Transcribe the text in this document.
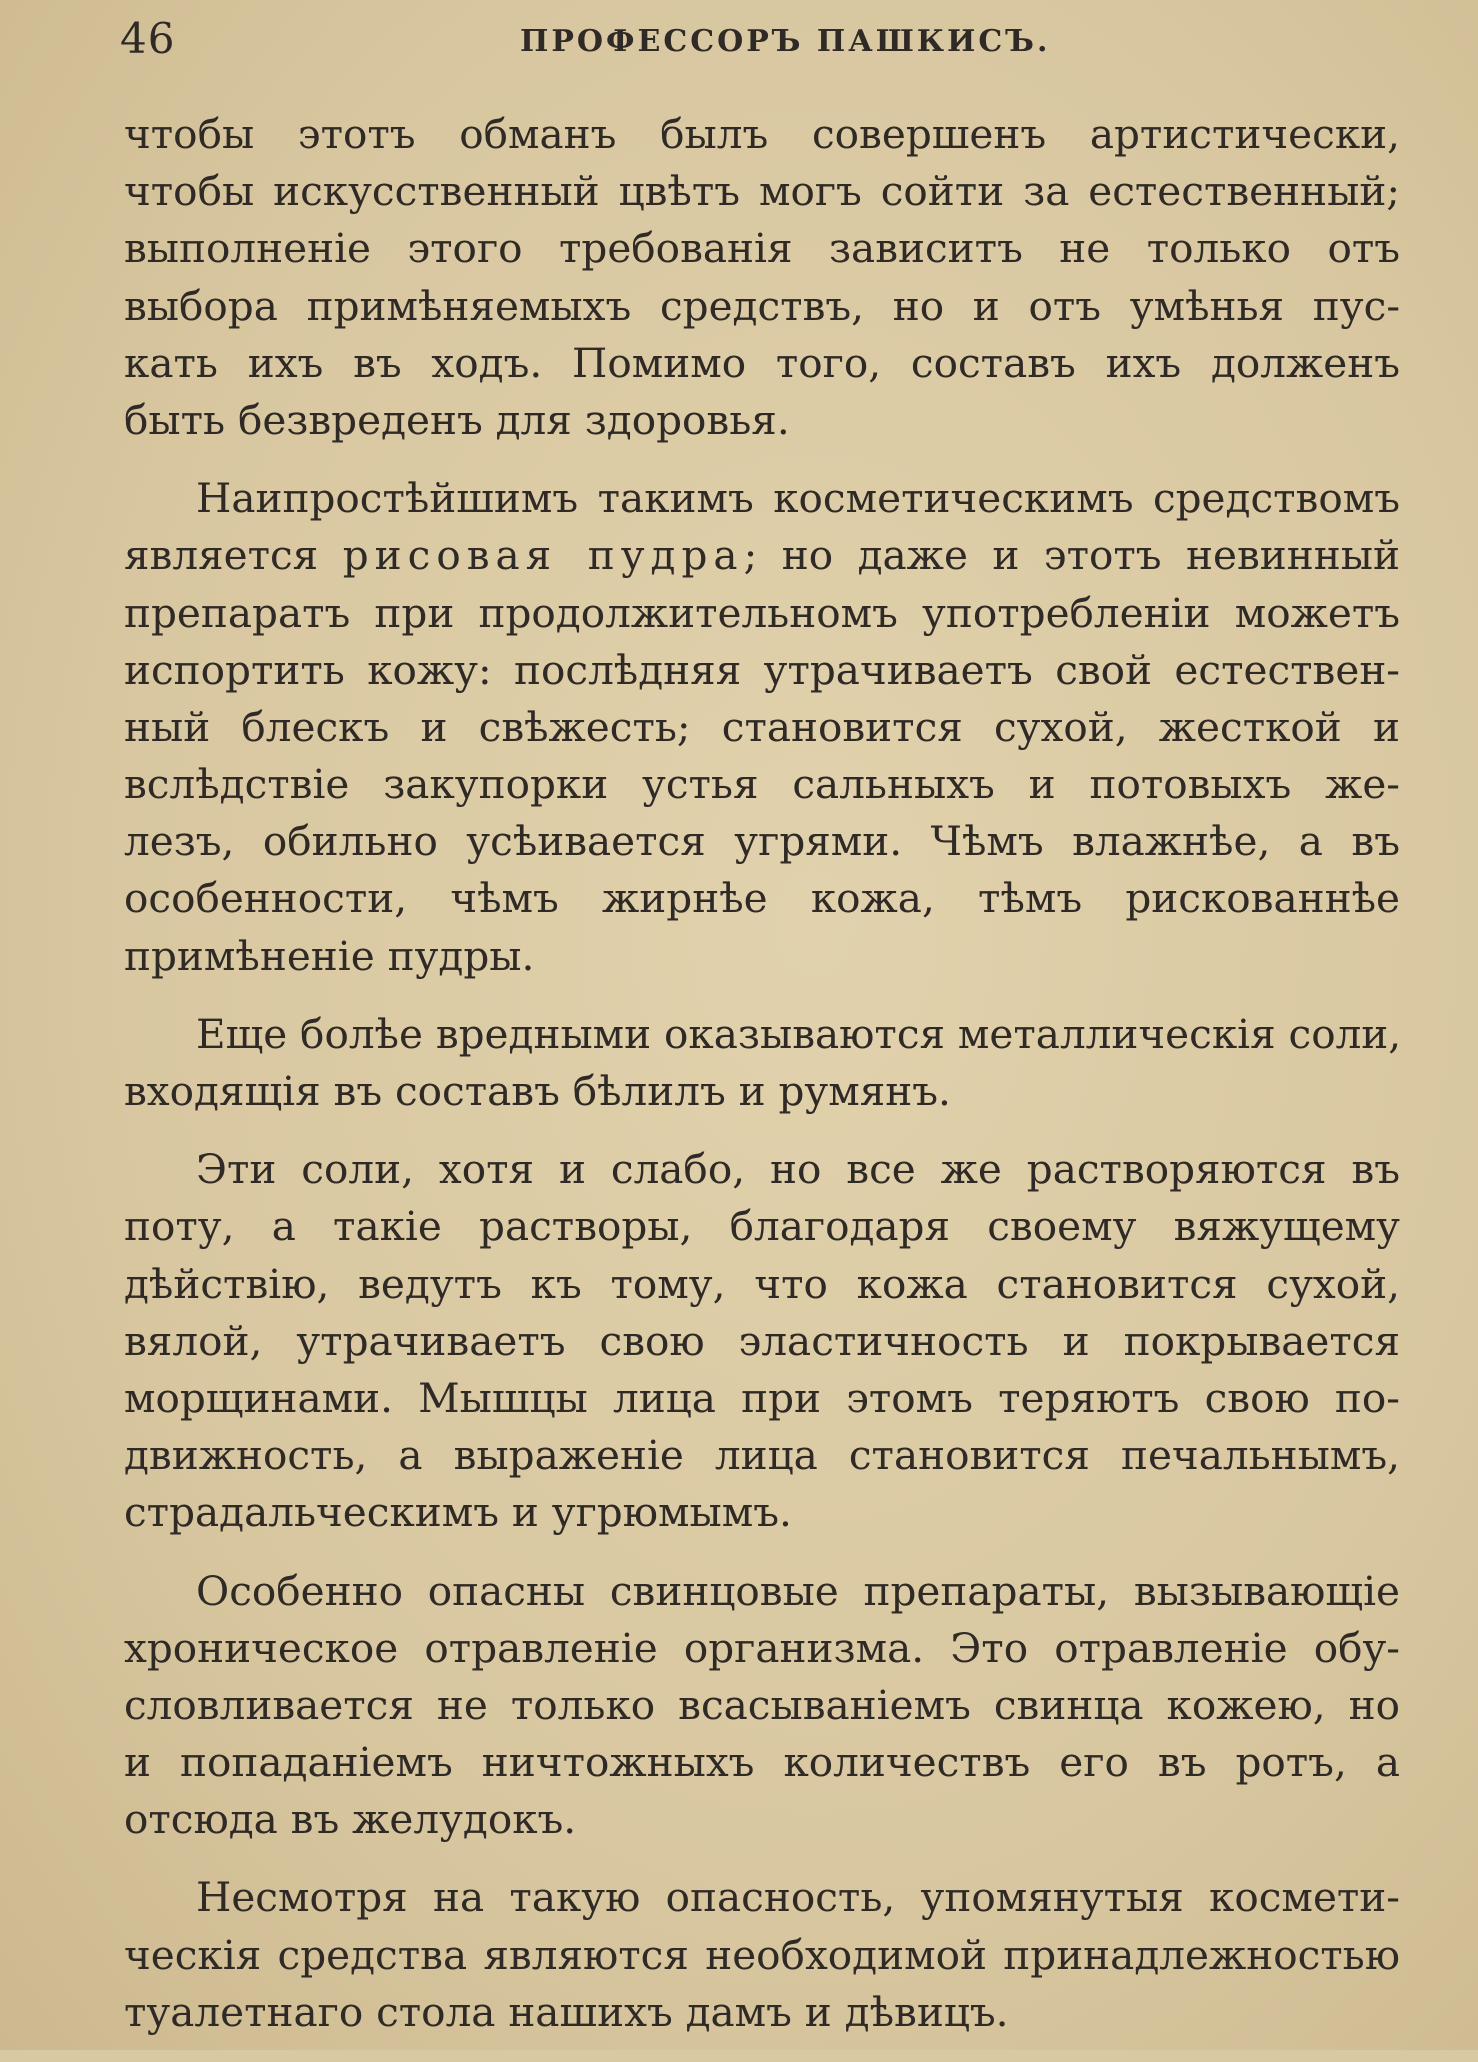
46	ПРОФЕССОРЪ ПАШКИСЪ.
чтобы этотъ обманъ былъ совершенъ артистически,
чтобы искусственный цвѣтъ могъ сойти за естественный;
выполненіе этого требованія зависитъ не только отъ
выбора примѣняемыхъ средствъ, но и отъ умѣнья пус-
кать ихъ въ ходъ. Помимо того, составъ ихъ долженъ
быть безвреденъ для здоровья.
Наипростѣйшимъ такимъ косметическимъ средствомъ
является рисовая пудра; но даже и этотъ невинный
препаратъ при продолжительномъ употребленіи можетъ
испортить кожу: послѣдняя утрачиваетъ свой естествен-
ный блескъ и свѣжесть; становится сухой, жесткой и
вслѣдствіе закупорки устья сальныхъ и потовыхъ же-
лезъ, обильно усѣивается угрями. Чѣмъ влажнѣе, а въ
особенности, чѣмъ жирнѣе кожа, тѣмъ рискованнѣе
примѣненіе пудры.
Еще болѣе вредными оказываются металлическія соли,
входящія въ составъ бѣлилъ и румянъ.
Эти соли, хотя и слабо, но все же растворяются въ
поту, а такіе растворы, благодаря своему вяжущему
дѣйствію, ведутъ къ тому, что кожа становится сухой,
вялой, утрачиваетъ свою эластичность и покрывается
морщинами. Мышцы лица при этомъ теряютъ свою по-
движность, а выраженіе лица становится печальнымъ,
страдальческимъ и угрюмымъ.
Особенно опасны свинцовые препараты, вызывающіе
хроническое отравленіе организма. Это отравленіе обу-
словливается не только всасываніемъ свинца кожею, но
и попаданіемъ ничтожныхъ количествъ его въ ротъ, а
отсюда въ желудокъ.
Несмотря на такую опасность, упомянутыя космети-
ческія средства являются необходимой принадлежностью
туалетнаго стола нашихъ дамъ и дѣвицъ.
